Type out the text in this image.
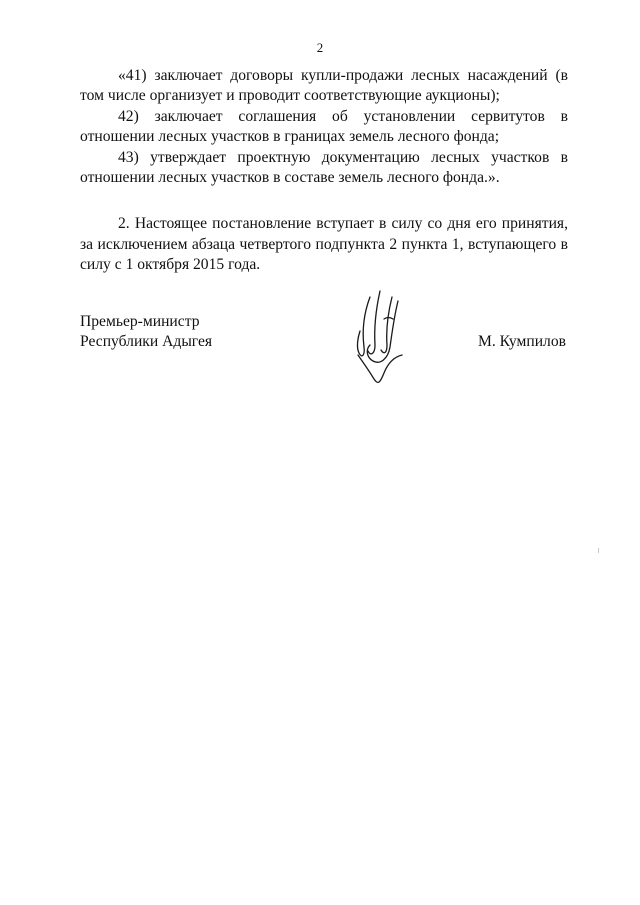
2

«41) заключает договоры купли-продажи лесных насаждений (в том числе организует и проводит соответствующие аукционы);

42) заключает соглашения об установлении сервитутов в отношении лесных участков в границах земель лесного фонда;

43) утверждает проектную документацию лесных участков в отношении лесных участков в составе земель лесного фонда.».

2. Настоящее постановление вступает в силу со дня его принятия, за исключением абзаца четвертого подпункта 2 пункта 1, вступающего в силу с 1 октября 2015 года.

Премьер-министр
Республики Адыгея	М. Кумпилов
